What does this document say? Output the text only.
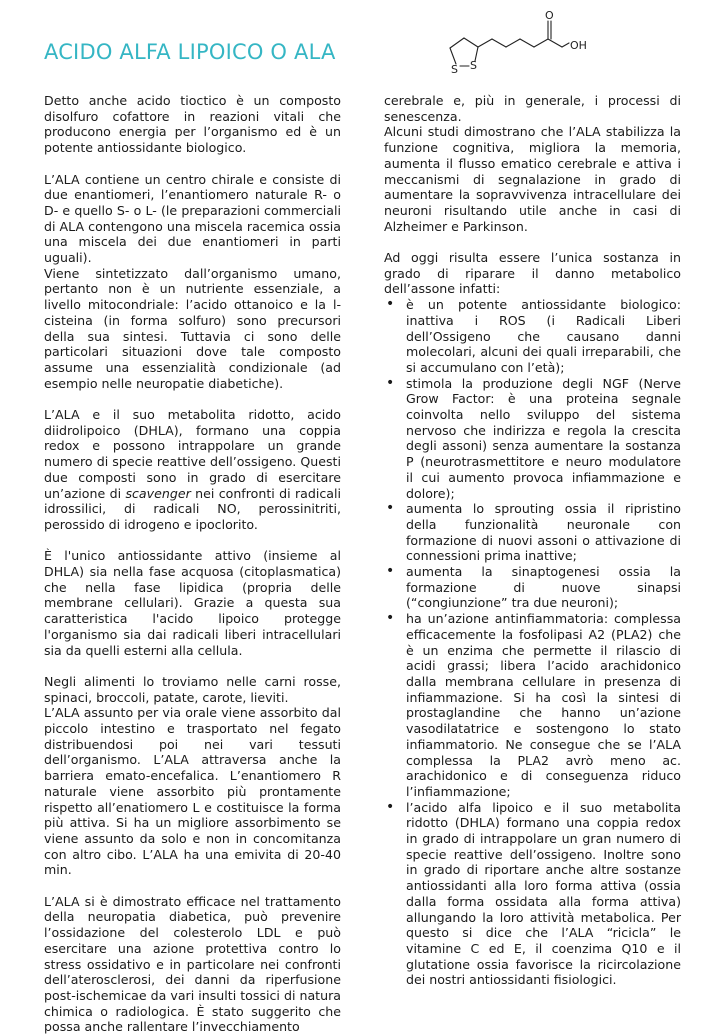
ACIDO ALFA LIPOICO O ALA
O
OH
S S

Detto anche acido tioctico è un composto disolfuro cofattore in reazioni vitali che producono energia per l’organismo ed è un potente antiossidante biologico.

L’ALA contiene un centro chirale e consiste di due enantiomeri, l’enantiomero naturale R- o D- e quello S- o L- (le preparazioni commerciali di ALA contengono una miscela racemica ossia una miscela dei due enantiomeri in parti uguali).

Viene sintetizzato dall’organismo umano, pertanto non è un nutriente essenziale, a livello mitocondriale: l’acido ottanoico e la l-cisteina (in forma solfuro) sono precursori della sua sintesi. Tuttavia ci sono delle particolari situazioni dove tale composto assume una essenzialità condizionale (ad esempio nelle neuropatie diabetiche).

L’ALA e il suo metabolita ridotto, acido diidrolipoico (DHLA), formano una coppia redox e possono intrappolare un grande numero di specie reattive dell’ossigeno. Questi due composti sono in grado di esercitare un’azione di scavenger nei confronti di radicali idrossilici, di radicali NO, perossinitriti, perossido di idrogeno e ipoclorito.

È l'unico antiossidante attivo (insieme al DHLA) sia nella fase acquosa (citoplasmatica) che nella fase lipidica (propria delle membrane cellulari). Grazie a questa sua caratteristica l'acido lipoico protegge l'organismo sia dai radicali liberi intracellulari sia da quelli esterni alla cellula.

Negli alimenti lo troviamo nelle carni rosse, spinaci, broccoli, patate, carote, lieviti.

L’ALA assunto per via orale viene assorbito dal piccolo intestino e trasportato nel fegato distribuendosi poi nei vari tessuti dell’organismo. L’ALA attraversa anche la barriera emato-encefalica. L’enantiomero R naturale viene assorbito più prontamente rispetto all’enatiomero L e costituisce la forma più attiva. Si ha un migliore assorbimento se viene assunto da solo e non in concomitanza con altro cibo. L’ALA ha una emivita di 20-40 min.

L’ALA si è dimostrato efficace nel trattamento della neuropatia diabetica, può prevenire l’ossidazione del colesterolo LDL e può esercitare una azione protettiva contro lo stress ossidativo e in particolare nei confronti dell’aterosclerosi, dei danni da riperfusione post-ischemicae da vari insulti tossici di natura chimica o radiologica. È stato suggerito che possa anche rallentare l’invecchiamento

cerebrale e, più in generale, i processi di senescenza.

Alcuni studi dimostrano che l’ALA stabilizza la funzione cognitiva, migliora la memoria, aumenta il flusso ematico cerebrale e attiva i meccanismi di segnalazione in grado di aumentare la sopravvivenza intracellulare dei neuroni risultando utile anche in casi di Alzheimer e Parkinson.

Ad oggi risulta essere l’unica sostanza in grado di riparare il danno metabolico dell’assone infatti:

• è un potente antiossidante biologico: inattiva i ROS (i Radicali Liberi dell’Ossigeno che causano danni molecolari, alcuni dei quali irreparabili, che si accumulano con l’età);
• stimola la produzione degli NGF (Nerve Grow Factor: è una proteina segnale coinvolta nello sviluppo del sistema nervoso che indirizza e regola la crescita degli assoni) senza aumentare la sostanza P (neurotrasmettitore e neuro modulatore il cui aumento provoca infiammazione e dolore);
• aumenta lo sprouting ossia il ripristino della funzionalità neuronale con formazione di nuovi assoni o attivazione di connessioni prima inattive;
• aumenta la sinaptogenesi ossia la formazione di nuove sinapsi (“congiunzione” tra due neuroni);
• ha un’azione antinfiammatoria: complessa efficacemente la fosfolipasi A2 (PLA2) che è un enzima che permette il rilascio di acidi grassi; libera l’acido arachidonico dalla membrana cellulare in presenza di infiammazione. Si ha così la sintesi di prostaglandine che hanno un’azione vasodilatatrice e sostengono lo stato infiammatorio. Ne consegue che se l’ALA complessa la PLA2 avrò meno ac. arachidonico e di conseguenza riduco l’infiammazione;
• l’acido alfa lipoico e il suo metabolita ridotto (DHLA) formano una coppia redox in grado di intrappolare un gran numero di specie reattive dell’ossigeno. Inoltre sono in grado di riportare anche altre sostanze antiossidanti alla loro forma attiva (ossia dalla forma ossidata alla forma attiva) allungando la loro attività metabolica. Per questo si dice che l’ALA “ricicla” le vitamine C ed E, il coenzima Q10 e il glutatione ossia favorisce la ricircolazione dei nostri antiossidanti fisiologici.
